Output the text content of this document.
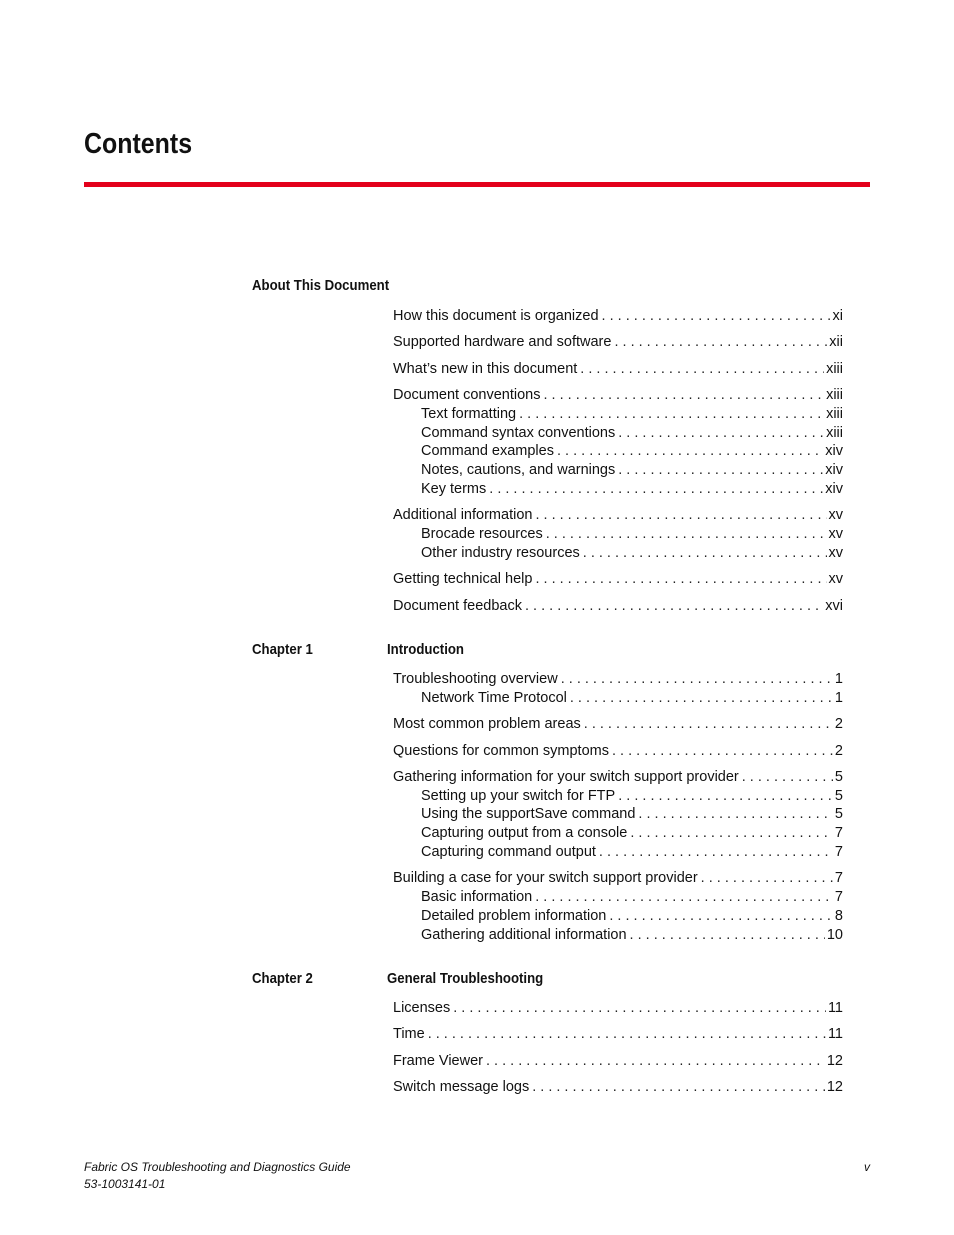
Contents
About This Document
How this document is organized . . .	xi
Supported hardware and software . . .	xii
What’s new in this document . . .	xiii
Document conventions . . .	xiii
Text formatting . . .	xiii
Command syntax conventions . . .	xiii
Command examples . . .	xiv
Notes, cautions, and warnings . . .	xiv
Key terms . . .	xiv
Additional information . . .	xv
Brocade resources . . .	xv
Other industry resources . . .	xv
Getting technical help . . .	xv
Document feedback . . .	xvi
Chapter 1	Introduction
Troubleshooting overview . . .	1
Network Time Protocol . . .	1
Most common problem areas . . .	2
Questions for common symptoms . . .	2
Gathering information for your switch support provider . . .	5
Setting up your switch for FTP . . .	5
Using the supportSave command . . .	5
Capturing output from a console . . .	7
Capturing command output . . .	7
Building a case for your switch support provider . . .	7
Basic information . . .	7
Detailed problem information . . .	8
Gathering additional information . . .	10
Chapter 2	General Troubleshooting
Licenses . . .	11
Time . . .	11
Frame Viewer . . .	12
Switch message logs . . .	12
Fabric OS Troubleshooting and Diagnostics Guide
53-1003141-01
v
